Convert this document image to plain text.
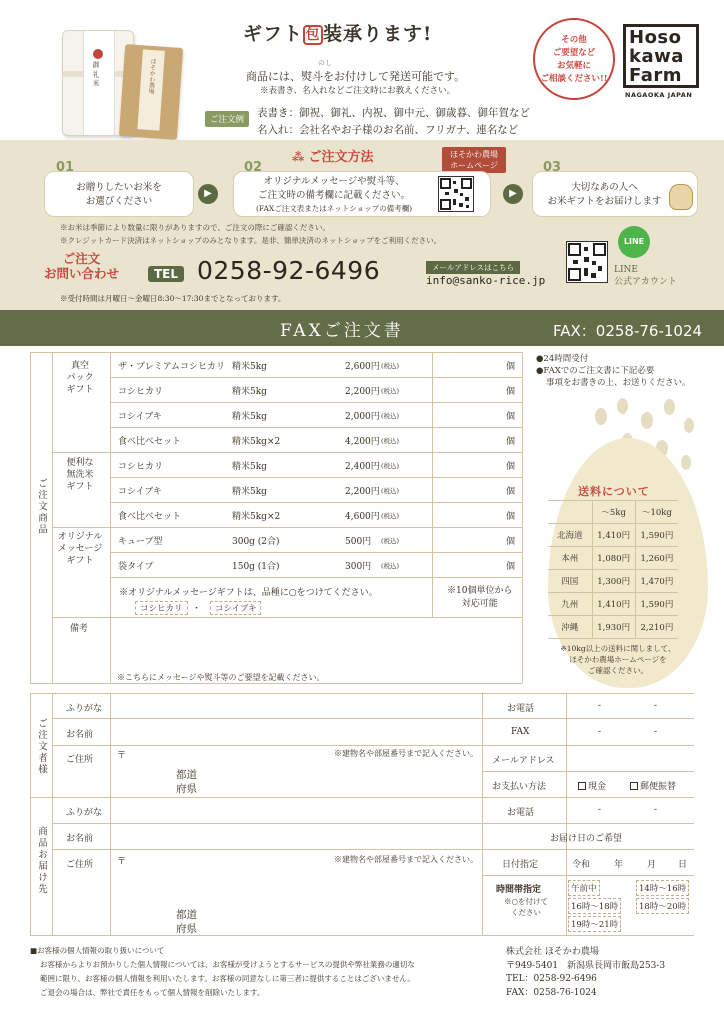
御 礼 米	ほそかわ農場
ギフト 包 装承ります!
のし
商品には、熨斗をお付けして発送可能です。
※表書き、名入れなどご注文時にお教えください。
ご注文例
表書き：御祝、御礼、内祝、御中元、御歳暮、御年賀など
名入れ：会社名やお子様のお名前、フリガナ、連名など
その他
ご要望など
お気軽に
ご相談ください!!
Hoso
kawa
Farm
NAGAOKA JAPAN
⁂ ご注文方法	ほそかわ農場
ホームページ
01
お贈りしたいお米を
お選びください
▶
02
オリジナルメッセージや熨斗等、
ご注文時の備考欄に記載ください。
(FAXご注文表またはネットショップの備考欄)
▶
03
大切なあの人へ
お米ギフトをお届けします
※お米は季節により数量に限りがありますので、ご注文の際にご確認ください。
※クレジットカード決済はネットショップのみとなります。是非、簡単決済のネットショップをご利用ください。
ご注文
お問い合わせ	TEL 0258-92-6496	メールアドレスはこちら
info@sanko-rice.jp
LINE
LINE
公式アカウント
※受付時間は月曜日～金曜日8:30～17:30までとなっております。
FAXご注文書	FAX：0258-76-1024
ご注文商品
真空
パック
ギフト
便利な
無洗米
ギフト
オリジナル
メッセージ
ギフト
ザ・プレミアムコシヒカリ 精米5kg	2,600円 (税込)	個
コシヒカリ	精米5kg	2,200円 (税込)	個
コシイブキ	精米5kg	2,000円 (税込)	個
食べ比べセット	精米5kg×2	4,200円 (税込)	個
コシヒカリ	精米5kg	2,400円 (税込)	個
コシイブキ	精米5kg	2,200円 (税込)	個
食べ比べセット	精米5kg×2	4,600円 (税込)	個
キューブ型	300g (2合)	500円 (税込)	個
袋タイプ	150g (1合)	300円 (税込)	個
※オリジナルメッセージギフトは、品種に○をつけてください。
コシヒカリ	・	コシイブキ
※10個単位から
対応可能
備考
※こちらにメッセージや熨斗等のご要望を記載ください。
●24時間受付
●FAXでのご注文書に下記必要
事項をお書きの上、お送りください。
送料について
	～5kg	～10kg
北海道	1,410円	1,590円
本州	1,080円	1,260円
四国	1,300円	1,470円
九州	1,410円	1,590円
沖縄	1,930円	2,210円
※10kg以上の送料に関しまして、
ほそかわ農場ホームページを
ご確認ください。
ご注文者様
商品お届け先
ふりがな
お名前
ご住所	〒	※建物名や部屋番号まで記入ください。
都道
府県
お電話	-	-
FAX	-	-
メールアドレス
お支払い方法	現金	郵便振替
ふりがな
お名前
ご住所	〒	※建物名や部屋番号まで記入ください。
都道
府県
お電話	-	-
お届け日のご希望
日付指定	令和	年	月 日
時間帯指定
※○を付けて
ください
午前中	14時～16時
16時～18時	18時～20時
19時～21時
■お客様の個人情報の取り扱いについて
お客様からよりお預かりした個人情報については、お客様が受けようとするサービスの提供や弊社業務の適切な
範囲に限り、お客様の個人情報を利用いたします。お客様の同意なしに第三者に提供することはございません。
ご退会の場合は、弊社で責任をもって個人情報を削除いたします。
株式会社 ほそかわ農場
〒949-5401　新潟県長岡市飯島253-3
TEL：0258-92-6496
FAX：0258-76-1024
